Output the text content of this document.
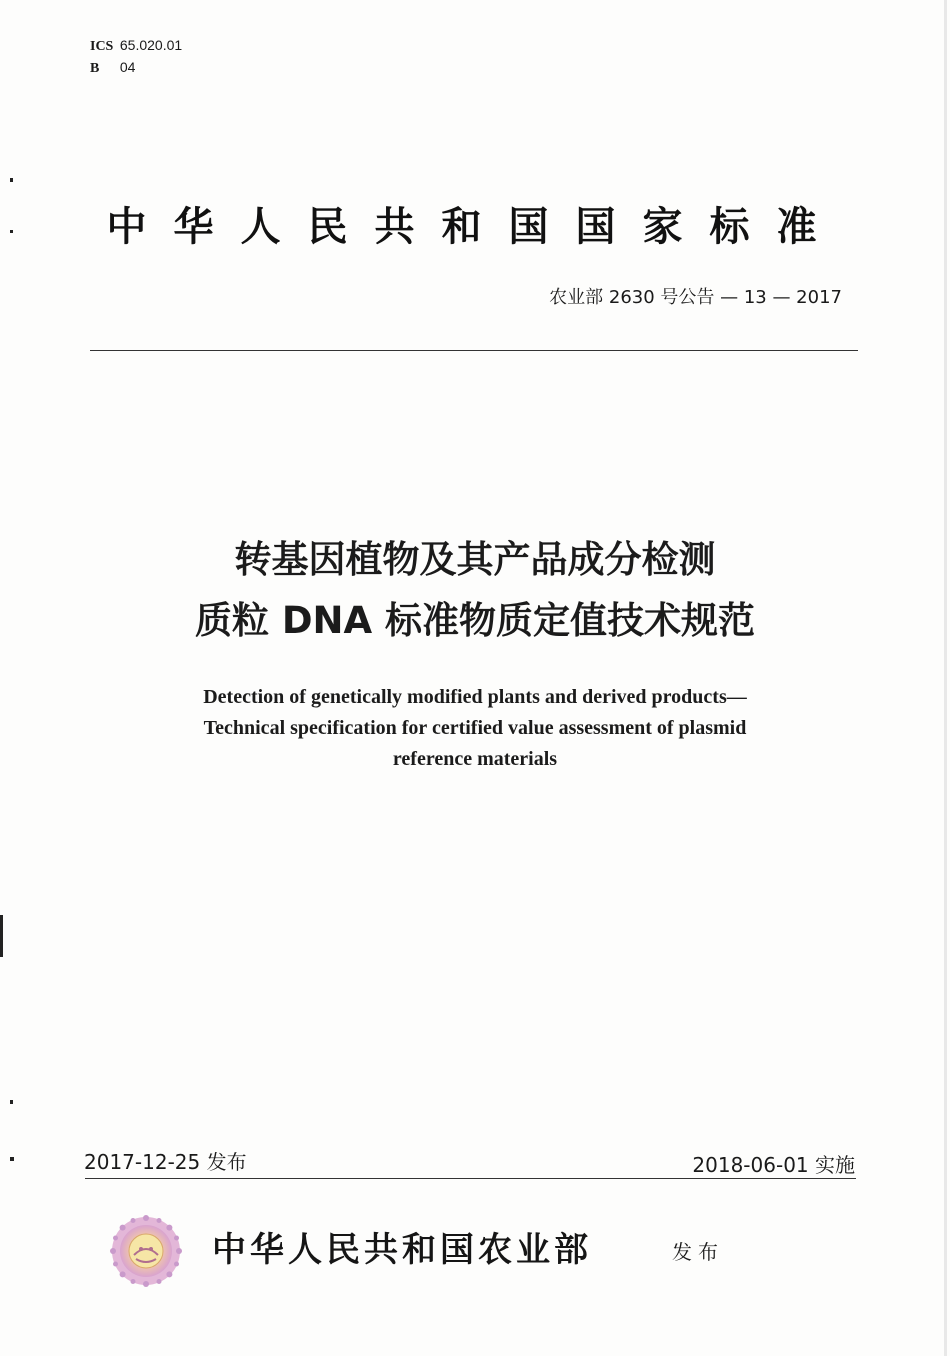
ICS 65.020.01
B 04
中华人民共和国国家标准
农业部 2630 号公告 — 13 — 2017
转基因植物及其产品成分检测
质粒 DNA 标准物质定值技术规范
Detection of genetically modified plants and derived products—
Technical specification for certified value assessment of plasmid
reference materials
2017-12-25 发布	2018-06-01 实施
中华人民共和国农业部	发布
